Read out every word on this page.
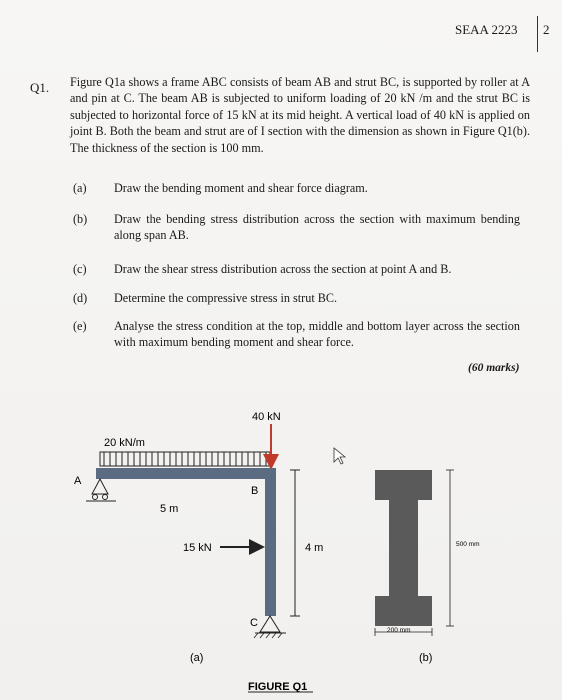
SEAA 2223 2
Q1. Figure Q1a shows a frame ABC consists of beam AB and strut BC, is supported by roller at A and pin at C. The beam AB is subjected to uniform loading of 20 kN /m and the strut BC is subjected to horizontal force of 15 kN at its mid height. A vertical load of 40 kN is applied on joint B. Both the beam and strut are of I section with the dimension as shown in Figure Q1(b). The thickness of the section is 100 mm.
(a) Draw the bending moment and shear force diagram.
(b) Draw the bending stress distribution across the section with maximum bending along span AB.
(c) Draw the shear stress distribution across the section at point A and B.
(d) Determine the compressive stress in strut BC.
(e) Analyse the stress condition at the top, middle and bottom layer across the section with maximum bending moment and shear force.
(60 marks)
20 kN/m
40 kN
A
B
C
5 m
15 kN	4 m	500 mm
200 mm
(a)	(b)
FIGURE Q1
